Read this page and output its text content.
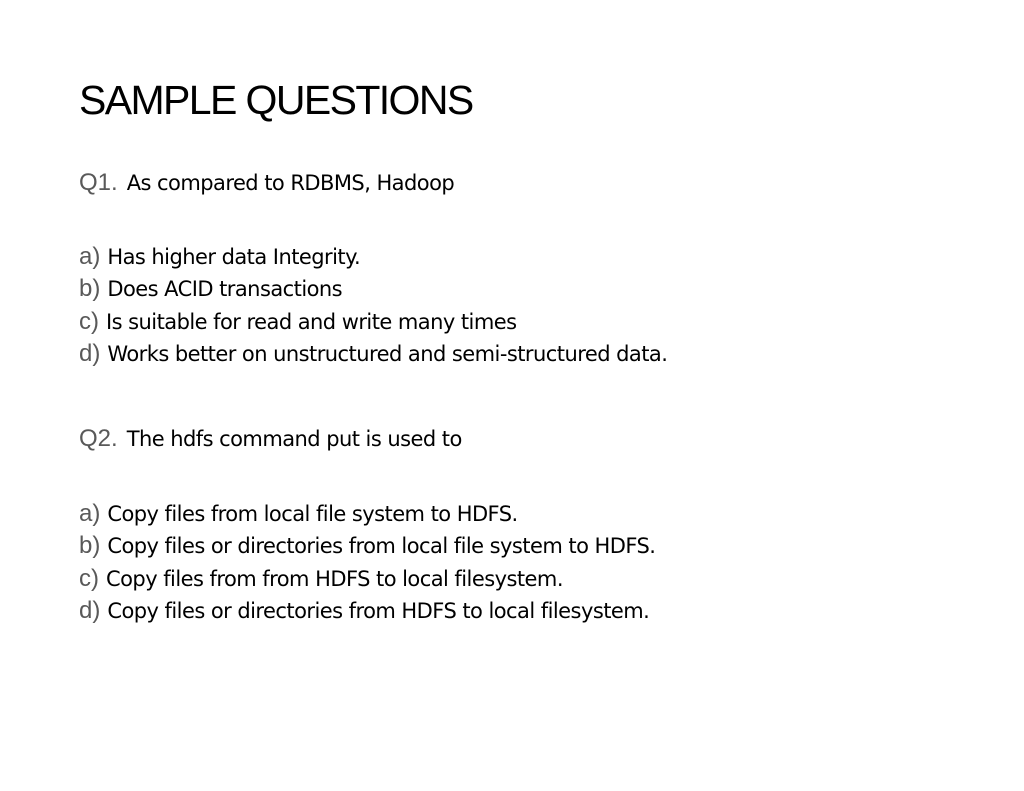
SAMPLE QUESTIONS
Q1. As compared to RDBMS, Hadoop
a) Has higher data Integrity.
b) Does ACID transactions
c) Is suitable for read and write many times
d) Works better on unstructured and semi-structured data.
Q2. The hdfs command put is used to
a) Copy files from local file system to HDFS.
b) Copy files or directories from local file system to HDFS.
c) Copy files from from HDFS to local filesystem.
d) Copy files or directories from HDFS to local filesystem.
